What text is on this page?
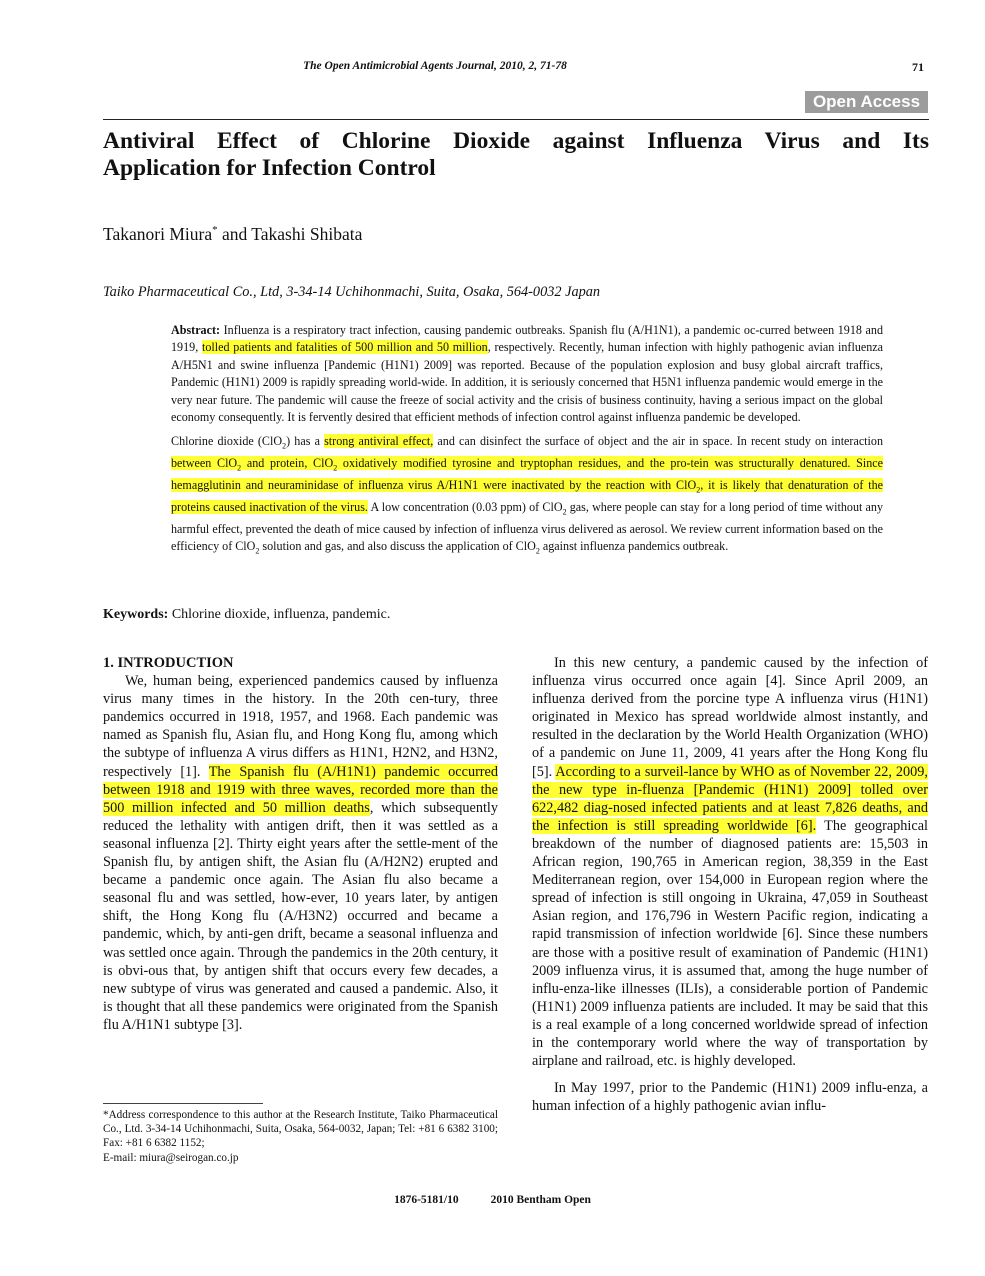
The Open Antimicrobial Agents Journal, 2010, 2, 71-78	71
Open Access
Antiviral Effect of Chlorine Dioxide against Influenza Virus and Its
Application for Infection Control
Takanori Miura* and Takashi Shibata
Taiko Pharmaceutical Co., Ltd, 3-34-14 Uchihonmachi, Suita, Osaka, 564-0032 Japan

Abstract: Influenza is a respiratory tract infection, causing pandemic outbreaks. Spanish flu (A/H1N1), a pandemic oc-curred between 1918 and 1919, tolled patients and fatalities of 500 million and 50 million, respectively. Recently, human infection with highly pathogenic avian influenza A/H5N1 and swine influenza [Pandemic (H1N1) 2009] was reported. Because of the population explosion and busy global aircraft traffics, Pandemic (H1N1) 2009 is rapidly spreading world-wide. In addition, it is seriously concerned that H5N1 influenza pandemic would emerge in the very near future. The pandemic will cause the freeze of social activity and the crisis of business continuity, having a serious impact on the global economy consequently. It is fervently desired that efficient methods of infection control against influenza pandemic be developed.

Chlorine dioxide (ClO$_2$) has a strong antiviral effect, and can disinfect the surface of object and the air in space. In recent study on interaction between ClO$_2$ and protein, ClO$_2$ oxidatively modified tyrosine and tryptophan residues, and the pro-tein was structurally denatured. Since hemagglutinin and neuraminidase of influenza virus A/H1N1 were inactivated by the reaction with ClO$_2$, it is likely that denaturation of the proteins caused inactivation of the virus. A low concentration (0.03 ppm) of ClO$_2$ gas, where people can stay for a long period of time without any harmful effect, prevented the death of mice caused by infection of influenza virus delivered as aerosol. We review current information based on the efficiency of ClO$_2$ solution and gas, and also discuss the application of ClO$_2$ against influenza pandemics outbreak.

Keywords: Chlorine dioxide, influenza, pandemic.

1. INTRODUCTION

We, human being, experienced pandemics caused by influenza virus many times in the history. In the 20th cen-tury, three pandemics occurred in 1918, 1957, and 1968. Each pandemic was named as Spanish flu, Asian flu, and Hong Kong flu, among which the subtype of influenza A virus differs as H1N1, H2N2, and H3N2, respectively [1]. The Spanish flu (A/H1N1) pandemic occurred between 1918 and 1919 with three waves, recorded more than the 500 million infected and 50 million deaths, which subsequently reduced the lethality with antigen drift, then it was settled as a seasonal influenza [2]. Thirty eight years after the settle-ment of the Spanish flu, by antigen shift, the Asian flu (A/H2N2) erupted and became a pandemic once again. The Asian flu also became a seasonal flu and was settled, how-ever, 10 years later, by antigen shift, the Hong Kong flu (A/H3N2) occurred and became a pandemic, which, by anti-gen drift, became a seasonal influenza and was settled once again. Through the pandemics in the 20th century, it is obvi-ous that, by antigen shift that occurs every few decades, a new subtype of virus was generated and caused a pandemic. Also, it is thought that all these pandemics were originated from the Spanish flu A/H1N1 subtype [3].

In this new century, a pandemic caused by the infection of influenza virus occurred once again [4]. Since April 2009, an influenza derived from the porcine type A influenza virus (H1N1) originated in Mexico has spread worldwide almost instantly, and resulted in the declaration by the World Health Organization (WHO) of a pandemic on June 11, 2009, 41 years after the Hong Kong flu [5]. According to a surveil-lance by WHO as of November 22, 2009, the new type in-fluenza [Pandemic (H1N1) 2009] tolled over 622,482 diag-nosed infected patients and at least 7,826 deaths, and the infection is still spreading worldwide [6]. The geographical breakdown of the number of diagnosed patients are: 15,503 in African region, 190,765 in American region, 38,359 in the East Mediterranean region, over 154,000 in European region where the spread of infection is still ongoing in Ukraina, 47,059 in Southeast Asian region, and 176,796 in Western Pacific region, indicating a rapid transmission of infection worldwide [6]. Since these numbers are those with a positive result of examination of Pandemic (H1N1) 2009 influenza virus, it is assumed that, among the huge number of influ-enza-like illnesses (ILIs), a considerable portion of Pandemic (H1N1) 2009 influenza patients are included. It may be said that this is a real example of a long concerned worldwide spread of infection in the contemporary world where the way of transportation by airplane and railroad, etc. is highly developed.

In May 1997, prior to the Pandemic (H1N1) 2009 influ-enza, a human infection of a highly pathogenic avian influ-

*Address correspondence to this author at the Research Institute, Taiko Pharmaceutical Co., Ltd. 3-34-14 Uchihonmachi, Suita, Osaka, 564-0032, Japan; Tel: +81 6 6382 3100; Fax: +81 6 6382 1152;
E-mail: miura@seirogan.co.jp
1876-5181/10	2010 Bentham Open
